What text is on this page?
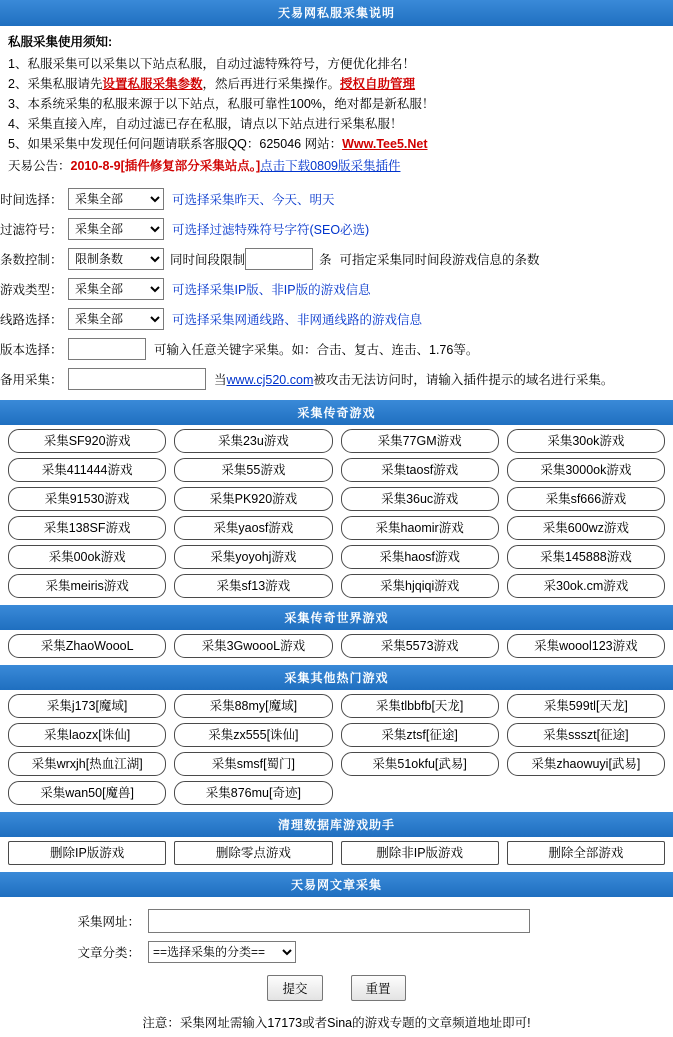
天易网私服采集说明
私服采集使用须知:
1、私服采集可以采集以下站点私服，自动过滤特殊符号，方便优化排名！
2、采集私服请先设置私服采集参数，然后再进行采集操作。授权自助管理
3、本系统采集的私服来源于以下站点，私服可靠性100%，绝对都是新私服！
4、采集直接入库，自动过滤已存在私服，请点以下站点进行采集私服！
5、如果采集中发现任何问题请联系客服QQ：625046 网站：Www.Tee5.Net
天易公告：2010-8-9[插件修复部分采集站点。]点击下载0809版采集插件
时间选择：
采集全部	可选择采集昨天、今天、明天
过滤符号：
采集全部	可选择过滤特殊符号字符(SEO必选)
条数控制：
限制条数	同时间段限制	条 可指定采集同时间段游戏信息的条数
游戏类型：
采集全部	可选择采集IP版、非IP版的游戏信息
线路选择：
采集全部	可选择采集网通线路、非网通线路的游戏信息
版本选择：	可输入任意关键字采集。如：合击、复古、连击、1.76等。
备用采集：	当www.cj520.com被攻击无法访问时，请输入插件提示的域名进行采集。
采集传奇游戏
采集SF920游戏	采集23u游戏	采集77GM游戏	采集30ok游戏
采集411444游戏	采集55游戏	采集taosf游戏	采集3000ok游戏
采集91530游戏	采集PK920游戏	采集36uc游戏	采集sf666游戏
采集138SF游戏	采集yaosf游戏	采集haomir游戏	采集600wz游戏
采集00ok游戏	采集yoyohj游戏	采集haosf游戏	采集145888游戏
采集meiris游戏	采集sf13游戏	采集hjqiqi游戏	采30ok.cm游戏
采集传奇世界游戏
采集ZhaoWoooL	采集3GwoooL游戏	采集5573游戏	采集woool123游戏
采集其他热门游戏
采集j173[魔域]	采集88my[魔域]	采集tlbbfb[天龙]	采集599tl[天龙]
采集laozx[诛仙]	采集zx555[诛仙]	采集ztsf[征途]	采集ssszt[征途]
采集wrxjh[热血江湖]	采集smsf[蜀门]	采集51okfu[武易]	采集zhaowuyi[武易]
采集wan50[魔兽]	采集876mu[奇迹]
清理数据库游戏助手
删除IP版游戏	删除零点游戏	删除非IP版游戏	删除全部游戏
天易网文章采集
采集网址：
文章分类：
==选择采集的分类==
提交	重置
注意：采集网址需输入17173或者Sina的游戏专题的文章频道地址即可!
